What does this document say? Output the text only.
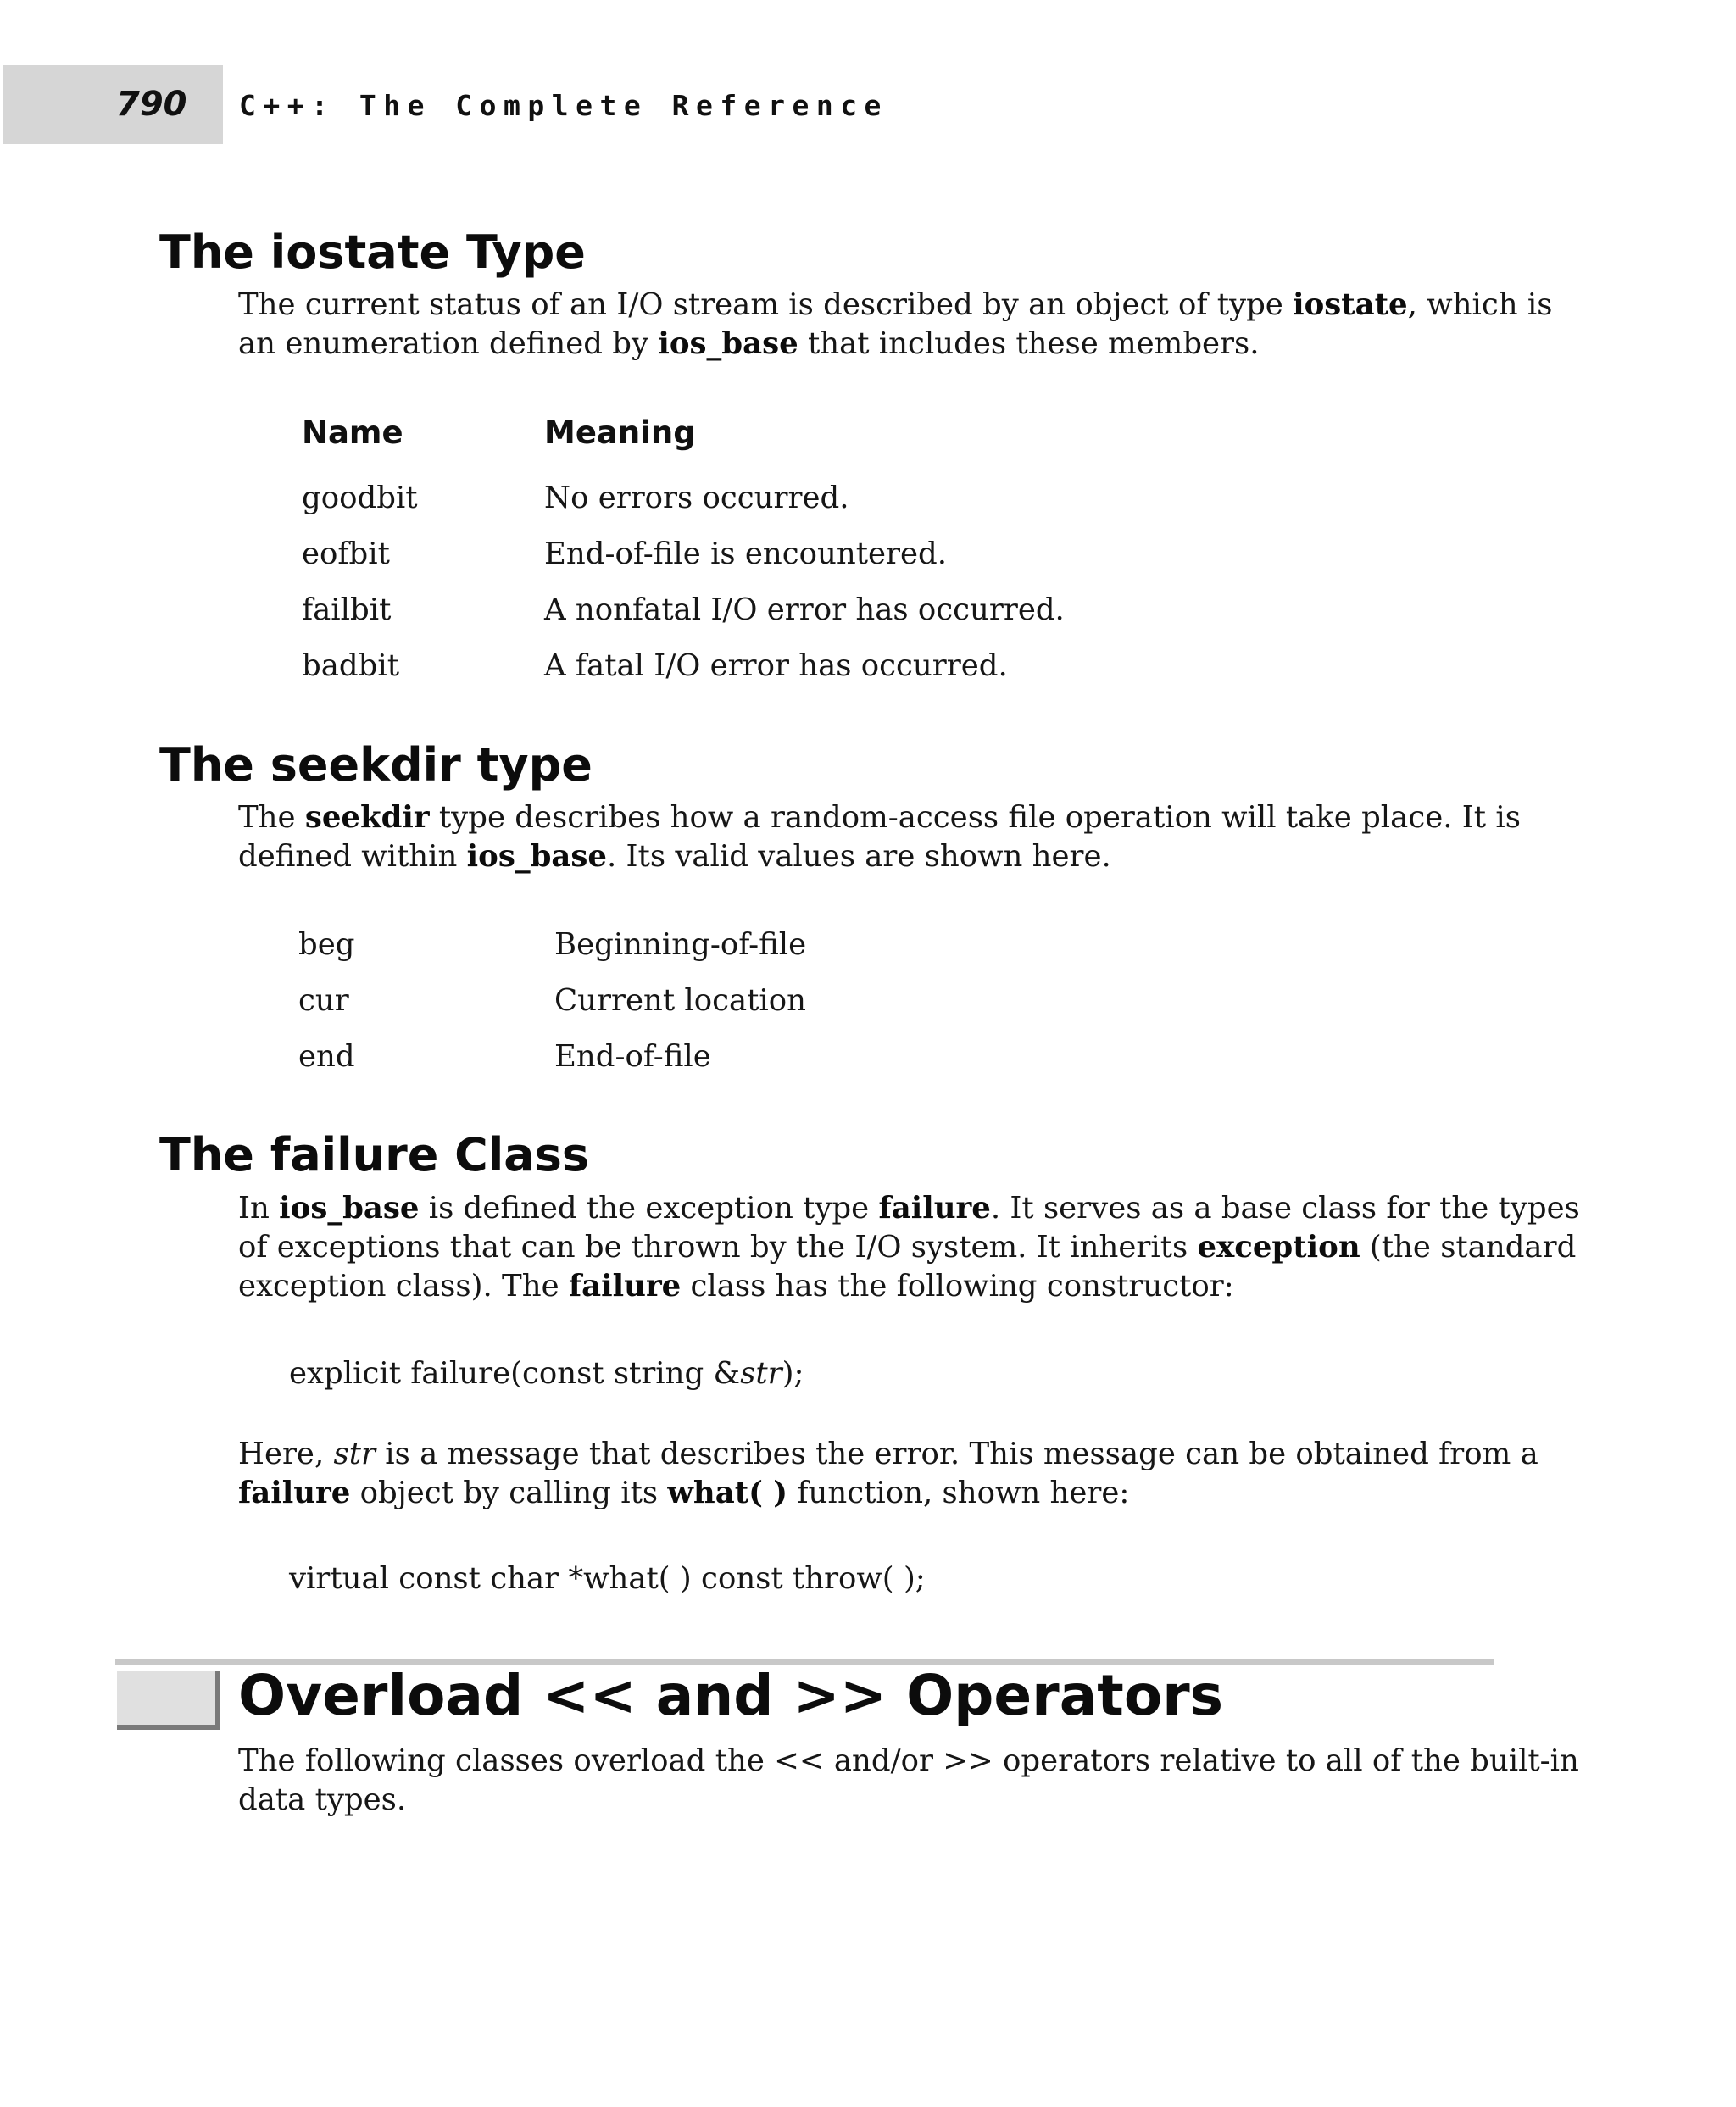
790 C++: The Complete Reference
The iostate Type
The current status of an I/O stream is described by an object of type iostate, which is
an enumeration defined by ios_base that includes these members.
Name	Meaning
goodbit	No errors occurred.
eofbit	End-of-file is encountered.
failbit	A nonfatal I/O error has occurred.
badbit	A fatal I/O error has occurred.
The seekdir type
The seekdir type describes how a random-access file operation will take place. It is
defined within ios_base. Its valid values are shown here.
beg	Beginning-of-file
cur	Current location
end	End-of-file
The failure Class
In ios_base is defined the exception type failure. It serves as a base class for the types
of exceptions that can be thrown by the I/O system. It inherits exception (the standard
exception class). The failure class has the following constructor:
explicit failure(const string &str);
Here, str is a message that describes the error. This message can be obtained from a
failure object by calling its what( ) function, shown here:
virtual const char *what( ) const throw( );
Overload << and >> Operators
The following classes overload the << and/or >> operators relative to all of the built-in
data types.
